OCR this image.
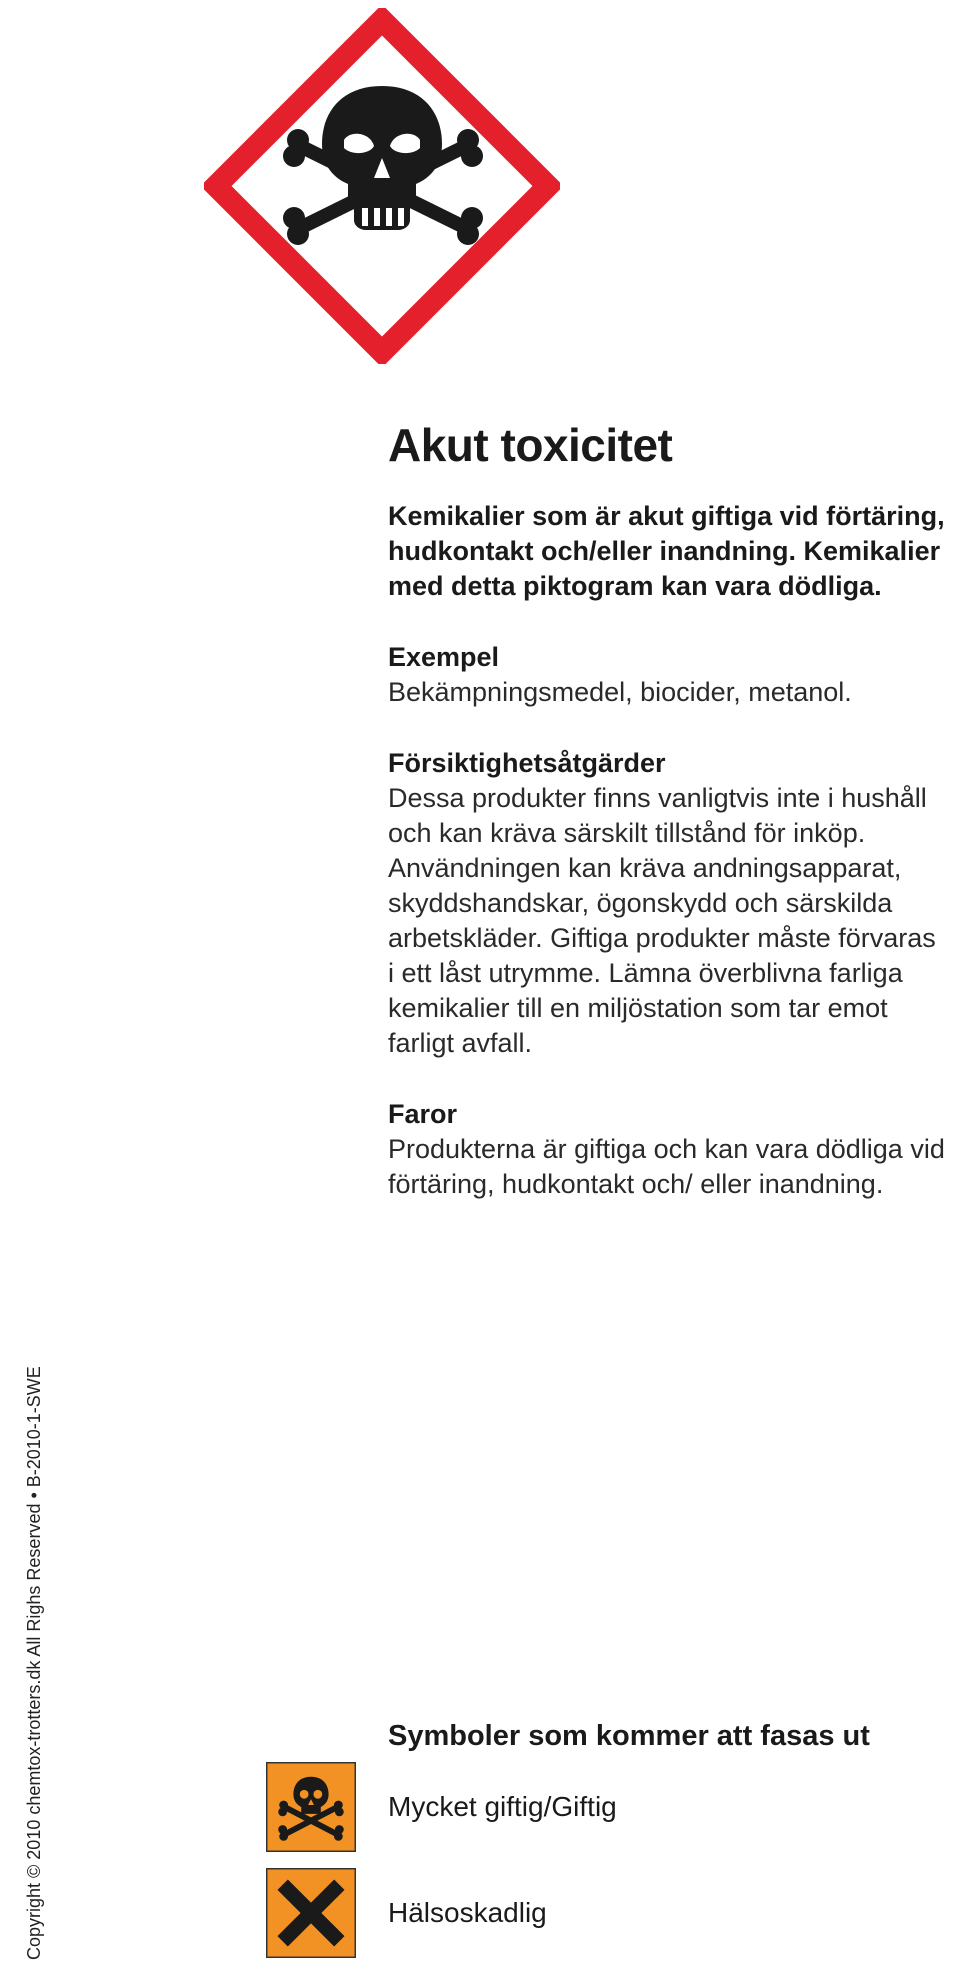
Akut toxicitet

Kemikalier som är akut giftiga vid förtäring, hudkontakt och/eller inandning. Kemikalier med detta piktogram kan vara dödliga.

Exempel

Bekämpningsmedel, biocider, metanol.

Försiktighetsåtgärder

Dessa produkter finns vanligtvis inte i hushåll och kan kräva särskilt tillstånd för inköp. Användningen kan kräva andningsapparat, skyddshandskar, ögonskydd och särskilda arbetskläder. Giftiga produkter måste förvaras i ett låst utrymme. Lämna överblivna farliga kemikalier till en miljöstation som tar emot farligt avfall.

Faror

Produkterna är giftiga och kan vara dödliga vid förtäring, hudkontakt och/ eller inandning.

Copyright © 2010 chemtox-trotters.dk All Righs Reserved • B-2010-1-SWE	Symboler som kommer att fasas ut
Mycket giftig/Giftig
Hälsoskadlig
